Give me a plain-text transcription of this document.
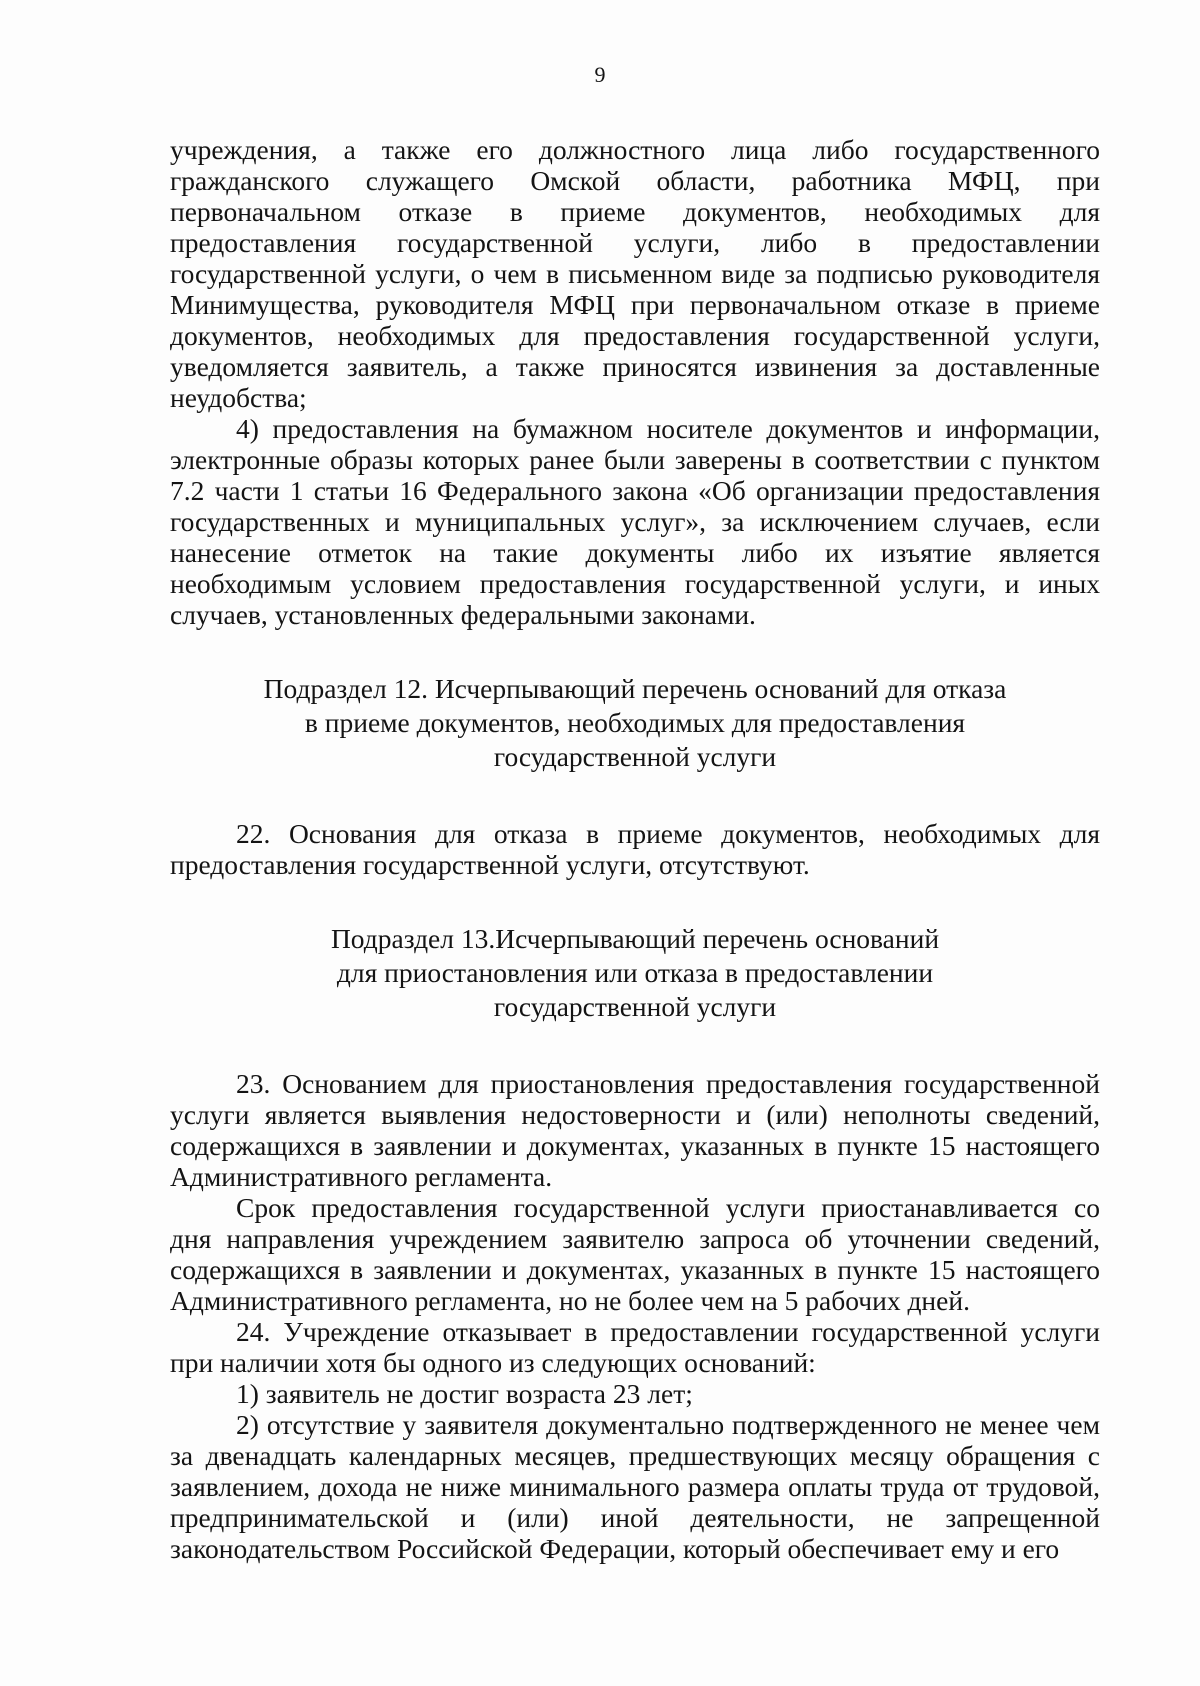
9

учреждения, а также его должностного лица либо государственного гражданского служащего Омской области, работника МФЦ, при первоначальном отказе в приеме документов, необходимых для предоставления государственной услуги, либо в предоставлении государственной услуги, о чем в письменном виде за подписью руководителя Минимущества, руководителя МФЦ при первоначальном отказе в приеме документов, необходимых для предоставления государственной услуги, уведомляется заявитель, а также приносятся извинения за доставленные неудобства;

4) предоставления на бумажном носителе документов и информации, электронные образы которых ранее были заверены в соответствии с пунктом 7.2 части 1 статьи 16 Федерального закона «Об организации предоставления государственных и муниципальных услуг», за исключением случаев, если нанесение отметок на такие документы либо их изъятие является необходимым условием предоставления государственной услуги, и иных случаев, установленных федеральными законами.

Подраздел 12. Исчерпывающий перечень оснований для отказа
в приеме документов, необходимых для предоставления
государственной услуги

22. Основания для отказа в приеме документов, необходимых для предоставления государственной услуги, отсутствуют.

Подраздел 13.Исчерпывающий перечень оснований
для приостановления или отказа в предоставлении
государственной услуги

23. Основанием для приостановления предоставления государственной услуги является выявления недостоверности и (или) неполноты сведений, содержащихся в заявлении и документах, указанных в пункте 15 настоящего Административного регламента.

Срок предоставления государственной услуги приостанавливается со дня направления учреждением заявителю запроса об уточнении сведений, содержащихся в заявлении и документах, указанных в пункте 15 настоящего Административного регламента, но не более чем на 5 рабочих дней.

24. Учреждение отказывает в предоставлении государственной услуги при наличии хотя бы одного из следующих оснований:

1) заявитель не достиг возраста 23 лет;

2) отсутствие у заявителя документально подтвержденного не менее чем за двенадцать календарных месяцев, предшествующих месяцу обращения с заявлением, дохода не ниже минимального размера оплаты труда от трудовой, предпринимательской и (или) иной деятельности, не запрещенной законодательством Российской Федерации, который обеспечивает ему и его
